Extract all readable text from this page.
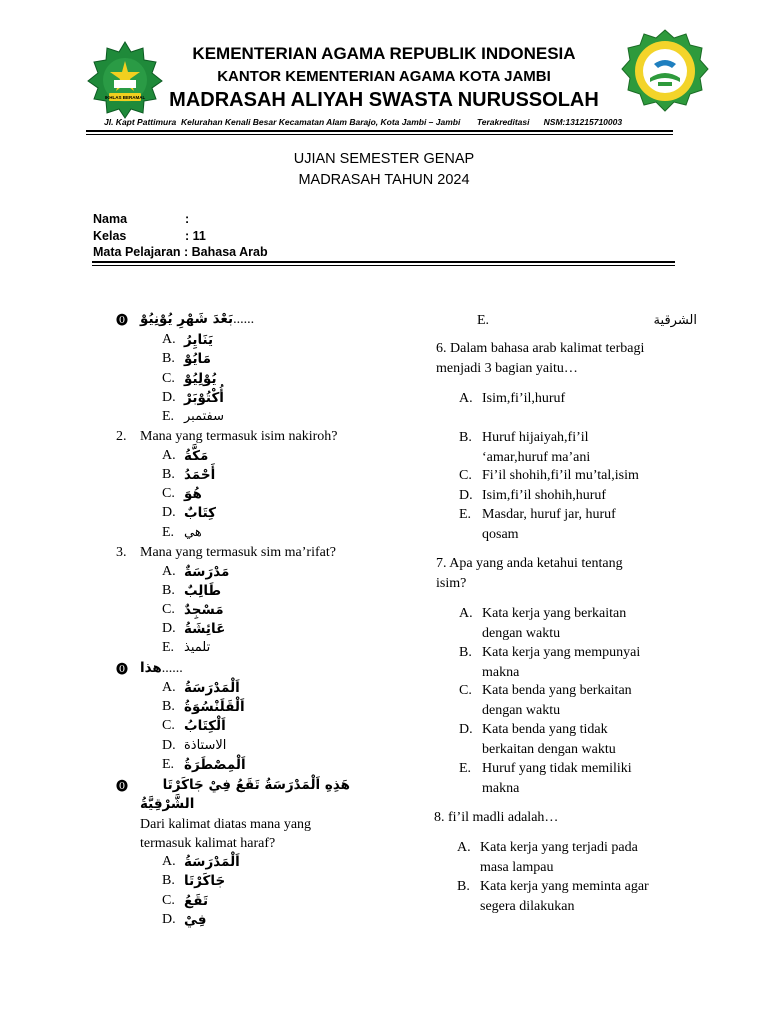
IKHLAS BERAMAL
KEMENTERIAN AGAMA REPUBLIK INDONESIA
KANTOR KEMENTERIAN AGAMA KOTA JAMBI
MADRASAH ALIYAH SWASTA NURUSSOLAH
Jl. Kapt Pattimura  Kelurahan Kenali Besar Kecamatan Alam Barajo, Kota Jambi – Jambi       Terakreditasi      NSM:131215710003
UJIAN SEMESTER GENAP
MADRASAH TAHUN 2024
Nama	:
Kelas	: 11
Mata Pelajaran : Bahasa Arab
⓿ بَعْدَ شَهْرِ يُوْنِيُوْ......
A. يَنَايِرُ
B. مَايُوْ
C. يُوْلِيُوْ
D. أُكْتُوْبَرْ
E. سفتمبر
2. Mana yang termasuk isim nakiroh?
A. مَكَّةُ
B. أَحْمَدُ
C. هُوَ
D. كِتَابٌ
E. هي
3. Mana yang termasuk sim ma’rifat?
A. مَدْرَسَةٌ
B. طَالِبٌ
C. مَسْجِدٌ
D. عَائِشَةُ
E. تلميذ
⓿ هذا......
A. اَلْمَدْرَسَةُ
B. اَلْقَلَنْسُوَةُ
C. اَلْكِتَابُ
D. الاستاذة
E. اَلْمِصْطَرَةُ
⓿	هَذِهِ اَلْمَدْرَسَةُ تَقَعُ فِيْ جَاكَرْتَا
الشَّرْقِيَّةُ
Dari kalimat diatas mana yang
termasuk kalimat haraf?
A. اَلْمَدْرَسَةُ
B. جَاكَرْتَا
C. تَقَعُ
D. فِيْ
E.	الشرقية
6. Dalam bahasa arab kalimat terbagi
menjadi 3 bagian yaitu…
A. Isim,fi’il,huruf
B. Huruf hijaiyah,fi’il
‘amar,huruf ma’ani
C. Fi’il shohih,fi’il mu’tal,isim
D. Isim,fi’il shohih,huruf
E. Masdar, huruf jar, huruf
qosam
7. Apa yang anda ketahui tentang
isim?
A. Kata kerja yang berkaitan
dengan waktu
B. Kata kerja yang mempunyai
makna
C. Kata benda yang berkaitan
dengan waktu
D. Kata benda yang tidak
berkaitan dengan waktu
E. Huruf yang tidak memiliki
makna
8. fi’il madli adalah…
A. Kata kerja yang terjadi pada
masa lampau
B. Kata kerja yang meminta agar
segera dilakukan
